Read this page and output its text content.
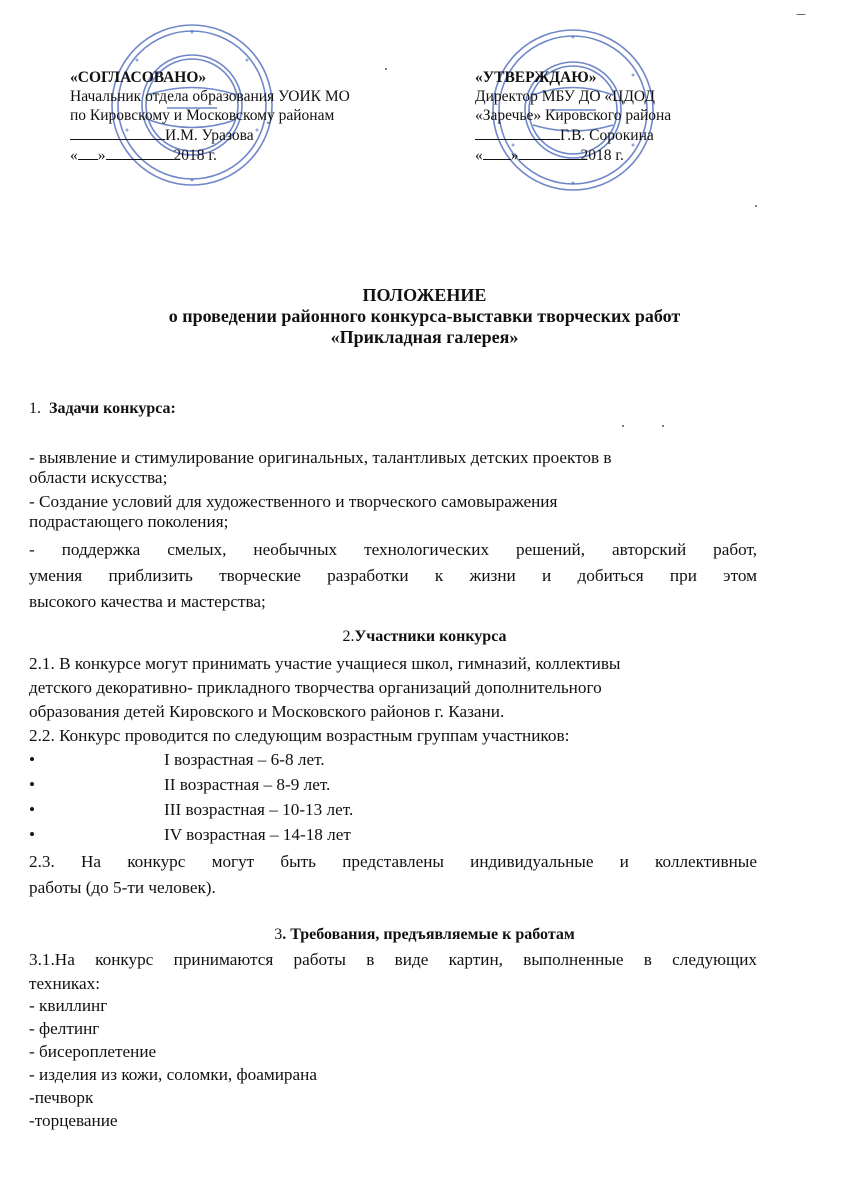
«СОГЛАСОВАНО»
Начальник отдела образования УОИК МО
по Кировскому и Московскому районам
И.М. Уразова
« »	2018 г.
«УТВЕРЖДАЮ»
Директор МБУ ДО «ЦДОД
«Заречье» Кировского района
Г.В. Сорокина
« »	2018 г.
ПОЛОЖЕНИЕ
о проведении районного конкурса-выставки творческих работ
«Прикладная галерея»
1. Задачи конкурса:
- выявление и стимулирование оригинальных, талантливых детских проектов в
области искусства;
- Создание условий для художественного и творческого самовыражения
подрастающего поколения;
- поддержка смелых, необычных технологических решений, авторский работ,
умения приблизить творческие разработки к жизни и добиться при этом
высокого качества и мастерства;
2.Участники конкурса
2.1. В конкурсе могут принимать участие учащиеся школ, гимназий, коллективы
детского декоративно- прикладного творчества организаций дополнительного
образования детей Кировского и Московского районов г. Казани.
2.2. Конкурс проводится по следующим возрастным группам участников:
•	I возрастная – 6-8 лет.
•	II возрастная – 8-9 лет.
•	III возрастная – 10-13 лет.
•	IV возрастная – 14-18 лет
2.3. На конкурс могут быть представлены индивидуальные и коллективные
работы (до 5-ти человек).
3. Требования, предъявляемые к работам
3.1.На конкурс принимаются работы в виде картин, выполненные в следующих
техниках:
- квиллинг
- фелтинг
- бисероплетение
- изделия из кожи, соломки, фоамирана
-печворк
-торцевание
